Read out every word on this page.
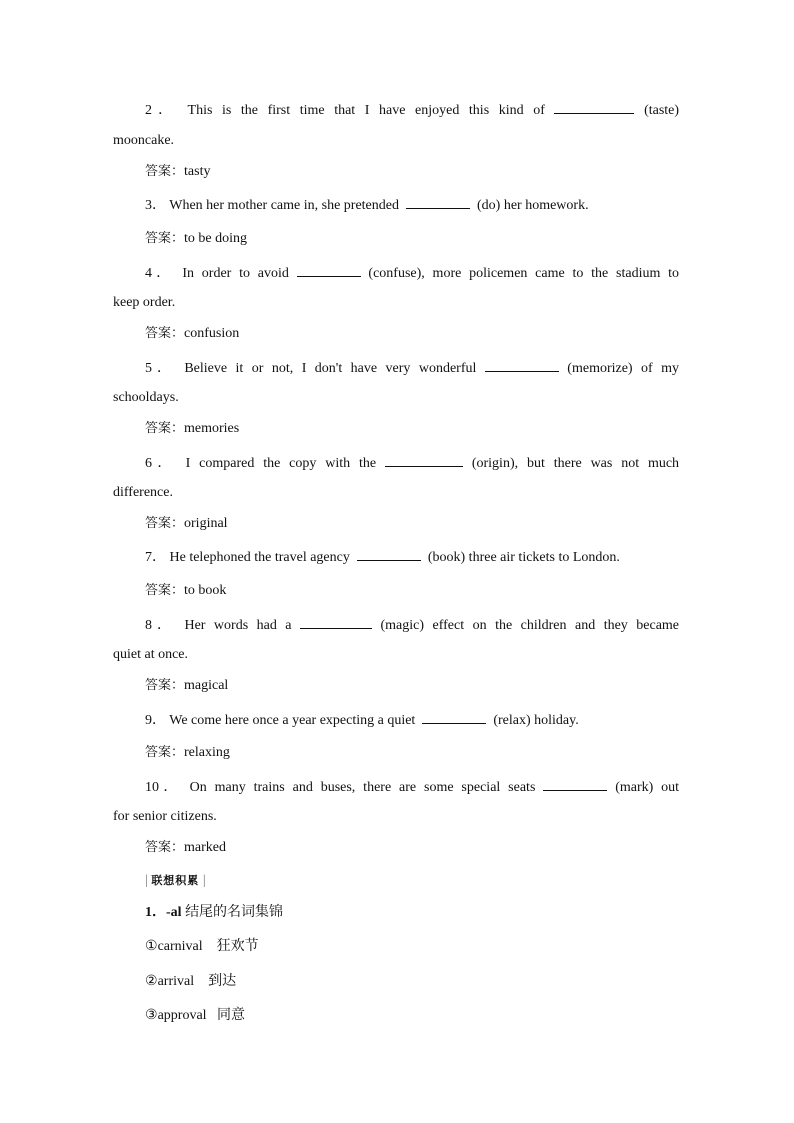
2． This is the first time that I have enjoyed this kind of	(taste)
mooncake.
答案：tasty
3． When her mother came in, she pretended	(do) her homework.
答案：to be doing
4． In order to avoid	(confuse), more policemen came to the stadium to
keep order.
答案：confusion
5． Believe it or not, I don't have very wonderful	(memorize) of my
schooldays.
答案：memories
6． I compared the copy with the	(origin), but there was not much
difference.
答案：original
7． He telephoned the travel agency	(book) three air tickets to London.
答案：to book
8． Her words had a	(magic) effect on the children and they became
quiet at once.
答案：magical
9． We come here once a year expecting a quiet	(relax) holiday.
答案：relaxing
10． On many trains and buses, there are some special seats	(mark) out
for senior citizens.
答案：marked
| 联想积累 |
1．-al 结尾的名词集锦
①carnival 狂欢节
②arrival 到达
③approval 同意
